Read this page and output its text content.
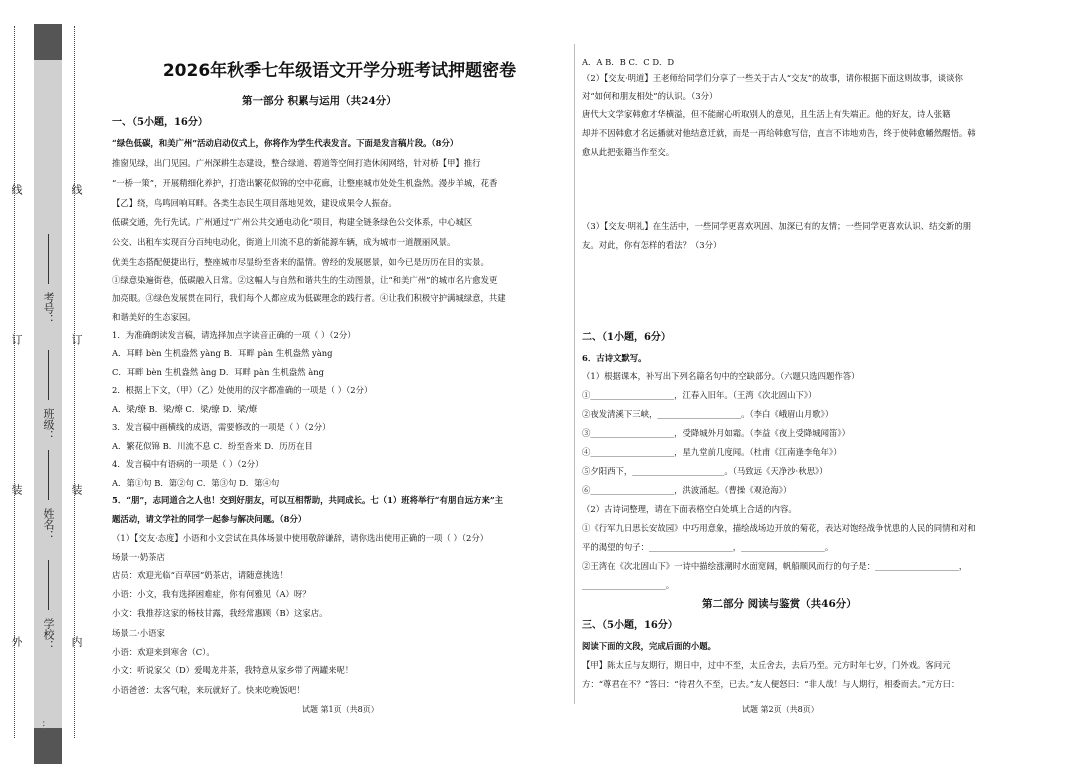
外	内
…
装
订
线
装
订
线
学校：
姓名：
班级：
考号：
2026年秋季七年级语文开学分班考试押题密卷
第一部分 积累与运用（共24分）
一、（5小题，16分）
“绿色低碳，和美广州”活动启动仪式上，你将作为学生代表发言。下面是发言稿片段。（8分）
推窗见绿，出门见园。广州深耕生态建设，整合绿道、碧道等空间打造休闲网络，针对桥【甲】推行
“一桥一策”，开展精细化养护，打造出繁花似锦的空中花廊，让整座城市处处生机盎然。漫步羊城，花香
【乙】绕，鸟鸣回响耳畔。各类生态民生项目落地见效，建设成果令人振奋。
低碳交通，先行先试。广州通过“广州公共交通电动化”项目，构建全链条绿色公交体系，中心城区
公交、出租车实现百分百纯电动化，街道上川流不息的新能源车辆，成为城市一道靓丽风景。
优美生态搭配便捷出行，整座城市尽显纷至沓来的温情。曾经的发展愿景，如今已是历历在目的实景。
①绿意染遍街巷，低碳融入日常。②这幅人与自然和谐共生的生动图景，让“和美广州”的城市名片愈发更
加亮眼。③绿色发展贯在同行，我们每个人都应成为低碳理念的践行者。④让我们积极守护满城绿意，共建
和谐美好的生态家园。
1．为准确朗读发言稿，请选择加点字读音正确的一项（ ）（2分）
A．耳畔 bèn 生机盎然 yàng B．耳畔 pàn 生机盎然 yàng
C．耳畔 bèn 生机盎然 àng D．耳畔 pàn 生机盎然 àng
2．根据上下文，（甲）（乙）处使用的汉字都准确的一项是（ ）（2分）
A．梁/缭 B．梁/燎 C．梁/缭 D．梁/燎
3．发言稿中画横线的成语，需要修改的一项是（ ）（2分）
A．繁花似锦 B．川流不息 C．纷至沓来 D．历历在目
4．发言稿中有语病的一项是（ ）（2分）
A．第①句 B．第②句 C．第③句 D．第④句
5．“朋”，志同道合之人也！交到好朋友，可以互相帮助，共同成长。七（1）班将举行“有朋自远方来”主
题活动，请文学社的同学一起参与解决问题。（8分）
（1）【交友·态度】小语和小文尝试在具体场景中使用敬辞谦辞，请你选出使用正确的一项（ ）（2分）
场景一·奶茶店
店员：欢迎光临“百草园”奶茶店，请随意挑选！
小语：小文，我有选择困难症，你有何雅见（A）呀？
小文：我推荐这家的杨枝甘露，我经常惠顾（B）这家店。
场景二·小语家
小语：欢迎来到寒舍（C）。
小文：听说家父（D）爱喝龙井茶，我特意从家乡带了两罐来呢！
小语爸爸：太客气啦，来玩就好了。快来吃晚饭吧！
试题 第1页（共8页）
A．A B．B C．C D．D
（2）【交友·明道】王老师给同学们分享了一些关于古人“交友”的故事，请你根据下面这则故事，谈谈你
对“如何和朋友相处”的认识。（3分）
唐代大文学家韩愈才华横溢，但不能耐心听取别人的意见，且生活上有失端正。他的好友，诗人张籍
却并不因韩愈才名远播就对他结意迁就，而是一再给韩愈写信，直言不讳地劝告，终于使韩愈幡然醒悟。韩
愈从此把张籍当作至交。
（3）【交友·明礼】在生活中，一些同学更喜欢巩固、加深已有的友情；一些同学更喜欢认识、结交新的朋
友。对此，你有怎样的看法？（3分）
二、（1小题，6分）
6．古诗文默写。
（1）根据课本，补写出下列名篇名句中的空缺部分。（六题只选四题作答）
①____________________，江春入旧年。（王湾《次北固山下》）
②夜发清溪下三峡，____________________。（李白《峨眉山月歌》）
③____________________，受降城外月如霜。（李益《夜上受降城闻笛》）
④____________________，星九堂前几度闻。（杜甫《江南逢李龟年》）
⑤夕阳西下，______________________。（马致远《天净沙·秋思》）
⑥____________________，洪波涌起。（曹操《观沧海》）
（2）古诗词整理，请在下面表格空白处填上合适的内容。
①《行军九日思长安故园》中巧用意象，描绘战场边开放的菊花，表达对饱经战争忧患的人民的同情和对和
平的渴望的句子：____________________，____________________。
②王湾在《次北固山下》一诗中描绘涨潮时水面宽阔，帆船顺风而行的句子是：____________________，
____________________。
三、（5小题，16分）
阅读下面的文段，完成后面的小题。
【甲】陈太丘与友期行，期日中，过中不至，太丘舍去，去后乃至。元方时年七岁，门外戏。客问元
方：“尊君在不？”答曰：“待君久不至，已去。”友人便怒曰：“非人哉！与人期行，相委而去。”元方曰：
第二部分 阅读与鉴赏（共46分）
试题 第2页（共8页）
